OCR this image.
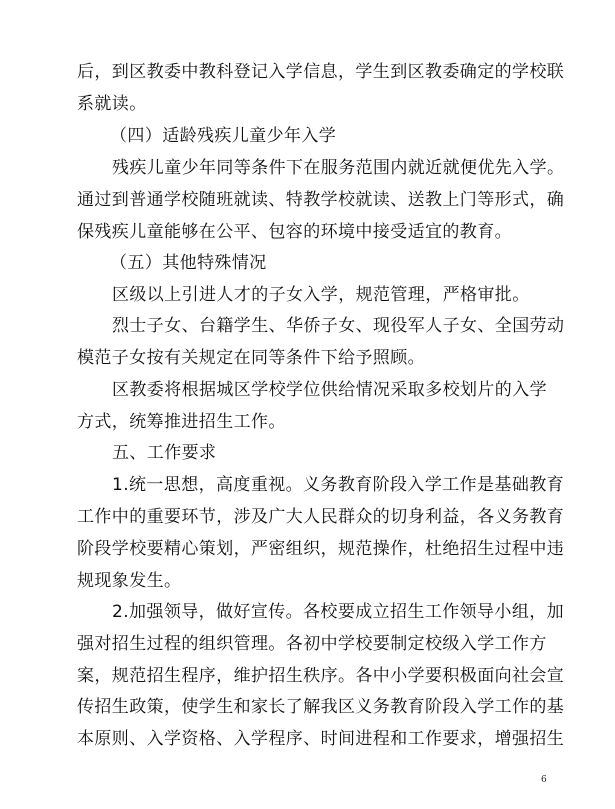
后，到区教委中教科登记入学信息，学生到区教委确定的学校联
系就读。
（四）适龄残疾儿童少年入学
残疾儿童少年同等条件下在服务范围内就近就便优先入学。
通过到普通学校随班就读、特教学校就读、送教上门等形式，确
保残疾儿童能够在公平、包容的环境中接受适宜的教育。
（五）其他特殊情况
区级以上引进人才的子女入学，规范管理，严格审批。
烈士子女、台籍学生、华侨子女、现役军人子女、全国劳动
模范子女按有关规定在同等条件下给予照顾。
区教委将根据城区学校学位供给情况采取多校划片的入学
方式，统筹推进招生工作。
五、工作要求
1.统一思想，高度重视。义务教育阶段入学工作是基础教育
工作中的重要环节，涉及广大人民群众的切身利益，各义务教育
阶段学校要精心策划，严密组织，规范操作，杜绝招生过程中违
规现象发生。
2.加强领导，做好宣传。各校要成立招生工作领导小组，加
强对招生过程的组织管理。各初中学校要制定校级入学工作方
案，规范招生程序，维护招生秩序。各中小学要积极面向社会宣
传招生政策，使学生和家长了解我区义务教育阶段入学工作的基
本原则、入学资格、入学程序、时间进程和工作要求，增强招生
6
